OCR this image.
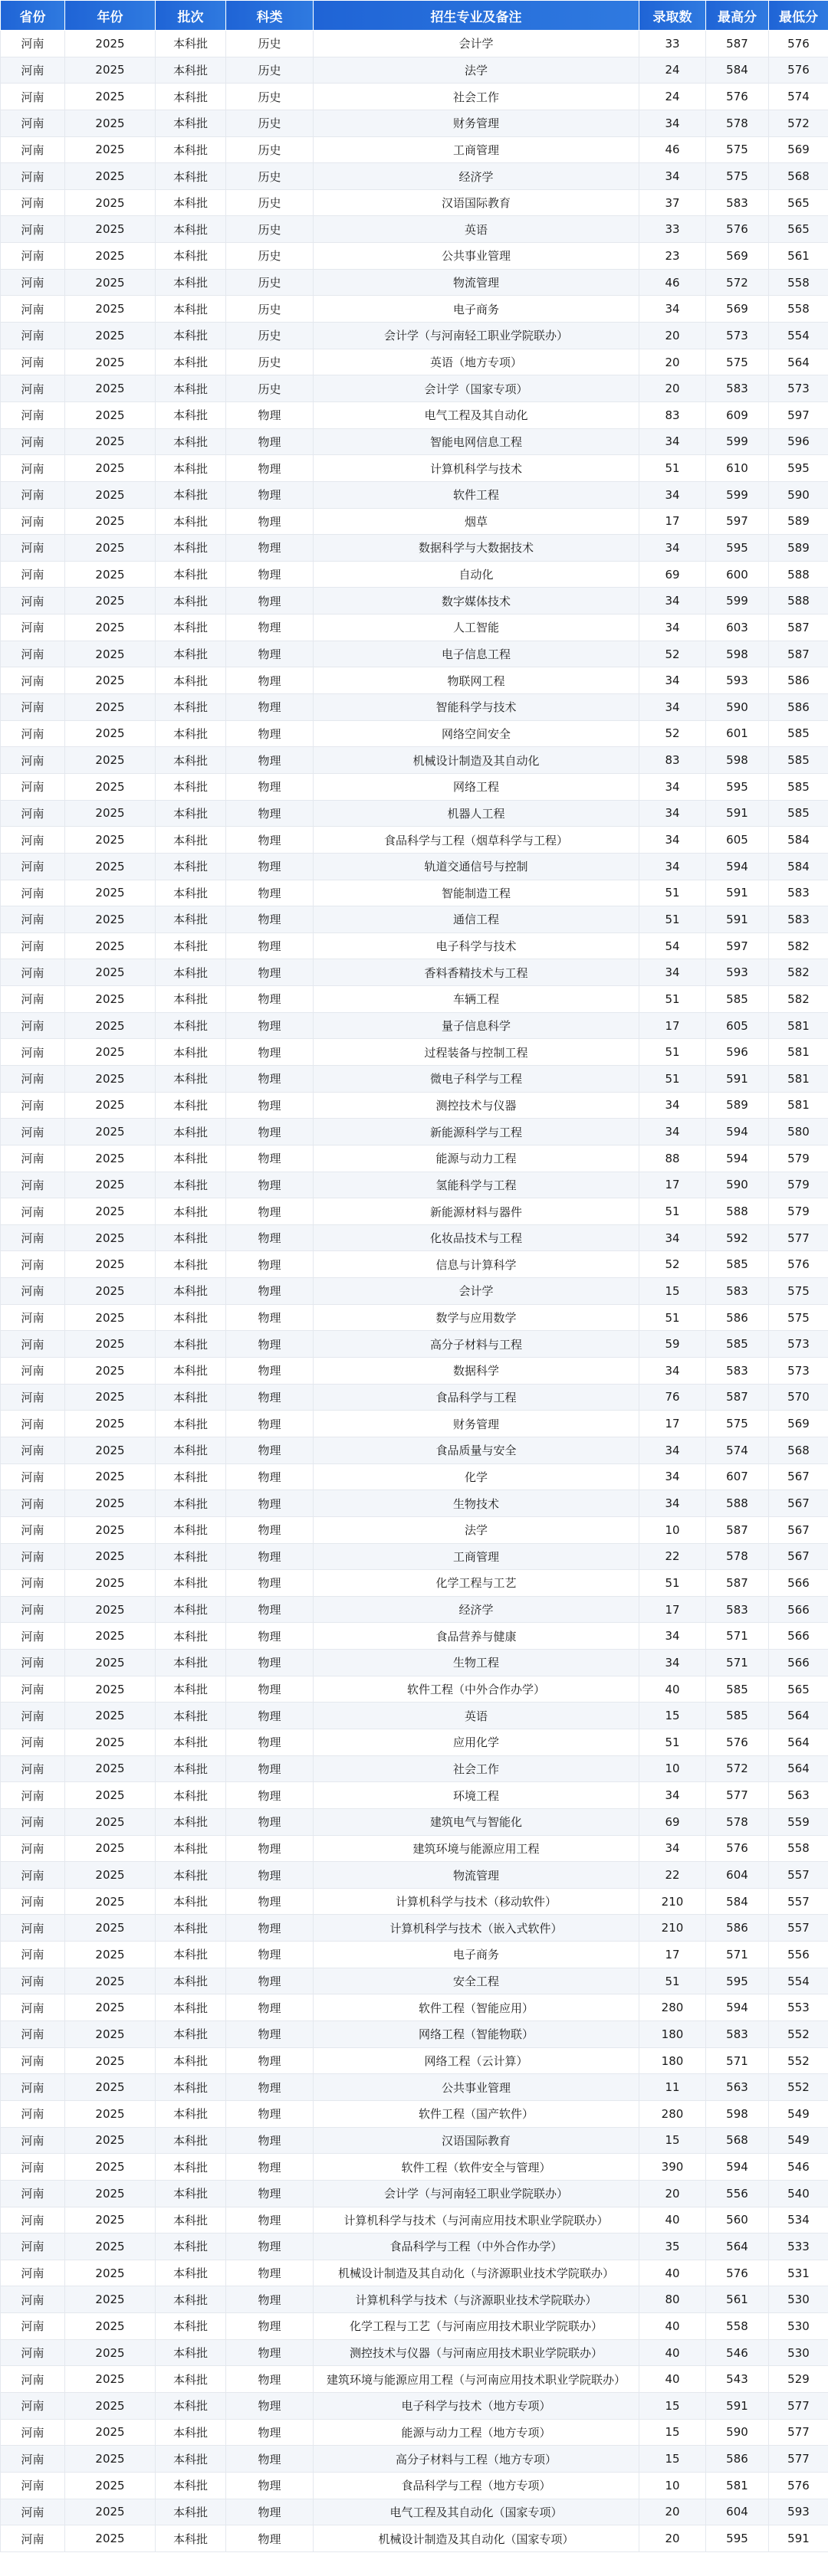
省份	年份	批次	科类	招生专业及备注	录取数	最高分	最低分
河南	2025	本科批	历史	会计学	33	587	576
河南	2025	本科批	历史	法学	24	584	576
河南	2025	本科批	历史	社会工作	24	576	574
河南	2025	本科批	历史	财务管理	34	578	572
河南	2025	本科批	历史	工商管理	46	575	569
河南	2025	本科批	历史	经济学	34	575	568
河南	2025	本科批	历史	汉语国际教育	37	583	565
河南	2025	本科批	历史	英语	33	576	565
河南	2025	本科批	历史	公共事业管理	23	569	561
河南	2025	本科批	历史	物流管理	46	572	558
河南	2025	本科批	历史	电子商务	34	569	558
河南	2025	本科批	历史	会计学（与河南轻工职业学院联办）	20	573	554
河南	2025	本科批	历史	英语（地方专项）	20	575	564
河南	2025	本科批	历史	会计学（国家专项）	20	583	573
河南	2025	本科批	物理	电气工程及其自动化	83	609	597
河南	2025	本科批	物理	智能电网信息工程	34	599	596
河南	2025	本科批	物理	计算机科学与技术	51	610	595
河南	2025	本科批	物理	软件工程	34	599	590
河南	2025	本科批	物理	烟草	17	597	589
河南	2025	本科批	物理	数据科学与大数据技术	34	595	589
河南	2025	本科批	物理	自动化	69	600	588
河南	2025	本科批	物理	数字媒体技术	34	599	588
河南	2025	本科批	物理	人工智能	34	603	587
河南	2025	本科批	物理	电子信息工程	52	598	587
河南	2025	本科批	物理	物联网工程	34	593	586
河南	2025	本科批	物理	智能科学与技术	34	590	586
河南	2025	本科批	物理	网络空间安全	52	601	585
河南	2025	本科批	物理	机械设计制造及其自动化	83	598	585
河南	2025	本科批	物理	网络工程	34	595	585
河南	2025	本科批	物理	机器人工程	34	591	585
河南	2025	本科批	物理	食品科学与工程（烟草科学与工程）	34	605	584
河南	2025	本科批	物理	轨道交通信号与控制	34	594	584
河南	2025	本科批	物理	智能制造工程	51	591	583
河南	2025	本科批	物理	通信工程	51	591	583
河南	2025	本科批	物理	电子科学与技术	54	597	582
河南	2025	本科批	物理	香料香精技术与工程	34	593	582
河南	2025	本科批	物理	车辆工程	51	585	582
河南	2025	本科批	物理	量子信息科学	17	605	581
河南	2025	本科批	物理	过程装备与控制工程	51	596	581
河南	2025	本科批	物理	微电子科学与工程	51	591	581
河南	2025	本科批	物理	测控技术与仪器	34	589	581
河南	2025	本科批	物理	新能源科学与工程	34	594	580
河南	2025	本科批	物理	能源与动力工程	88	594	579
河南	2025	本科批	物理	氢能科学与工程	17	590	579
河南	2025	本科批	物理	新能源材料与器件	51	588	579
河南	2025	本科批	物理	化妆品技术与工程	34	592	577
河南	2025	本科批	物理	信息与计算科学	52	585	576
河南	2025	本科批	物理	会计学	15	583	575
河南	2025	本科批	物理	数学与应用数学	51	586	575
河南	2025	本科批	物理	高分子材料与工程	59	585	573
河南	2025	本科批	物理	数据科学	34	583	573
河南	2025	本科批	物理	食品科学与工程	76	587	570
河南	2025	本科批	物理	财务管理	17	575	569
河南	2025	本科批	物理	食品质量与安全	34	574	568
河南	2025	本科批	物理	化学	34	607	567
河南	2025	本科批	物理	生物技术	34	588	567
河南	2025	本科批	物理	法学	10	587	567
河南	2025	本科批	物理	工商管理	22	578	567
河南	2025	本科批	物理	化学工程与工艺	51	587	566
河南	2025	本科批	物理	经济学	17	583	566
河南	2025	本科批	物理	食品营养与健康	34	571	566
河南	2025	本科批	物理	生物工程	34	571	566
河南	2025	本科批	物理	软件工程（中外合作办学）	40	585	565
河南	2025	本科批	物理	英语	15	585	564
河南	2025	本科批	物理	应用化学	51	576	564
河南	2025	本科批	物理	社会工作	10	572	564
河南	2025	本科批	物理	环境工程	34	577	563
河南	2025	本科批	物理	建筑电气与智能化	69	578	559
河南	2025	本科批	物理	建筑环境与能源应用工程	34	576	558
河南	2025	本科批	物理	物流管理	22	604	557
河南	2025	本科批	物理	计算机科学与技术（移动软件）	210	584	557
河南	2025	本科批	物理	计算机科学与技术（嵌入式软件）	210	586	557
河南	2025	本科批	物理	电子商务	17	571	556
河南	2025	本科批	物理	安全工程	51	595	554
河南	2025	本科批	物理	软件工程（智能应用）	280	594	553
河南	2025	本科批	物理	网络工程（智能物联）	180	583	552
河南	2025	本科批	物理	网络工程（云计算）	180	571	552
河南	2025	本科批	物理	公共事业管理	11	563	552
河南	2025	本科批	物理	软件工程（国产软件）	280	598	549
河南	2025	本科批	物理	汉语国际教育	15	568	549
河南	2025	本科批	物理	软件工程（软件安全与管理）	390	594	546
河南	2025	本科批	物理	会计学（与河南轻工职业学院联办）	20	556	540
河南	2025	本科批	物理	计算机科学与技术（与河南应用技术职业学院联办）	40	560	534
河南	2025	本科批	物理	食品科学与工程（中外合作办学）	35	564	533
河南	2025	本科批	物理	机械设计制造及其自动化（与济源职业技术学院联办）	40	576	531
河南	2025	本科批	物理	计算机科学与技术（与济源职业技术学院联办）	80	561	530
河南	2025	本科批	物理	化学工程与工艺（与河南应用技术职业学院联办）	40	558	530
河南	2025	本科批	物理	测控技术与仪器（与河南应用技术职业学院联办）	40	546	530
河南	2025	本科批	物理	建筑环境与能源应用工程（与河南应用技术职业学院联办）	40	543	529
河南	2025	本科批	物理	电子科学与技术（地方专项）	15	591	577
河南	2025	本科批	物理	能源与动力工程（地方专项）	15	590	577
河南	2025	本科批	物理	高分子材料与工程（地方专项）	15	586	577
河南	2025	本科批	物理	食品科学与工程（地方专项）	10	581	576
河南	2025	本科批	物理	电气工程及其自动化（国家专项）	20	604	593
河南	2025	本科批	物理	机械设计制造及其自动化（国家专项）	20	595	591
